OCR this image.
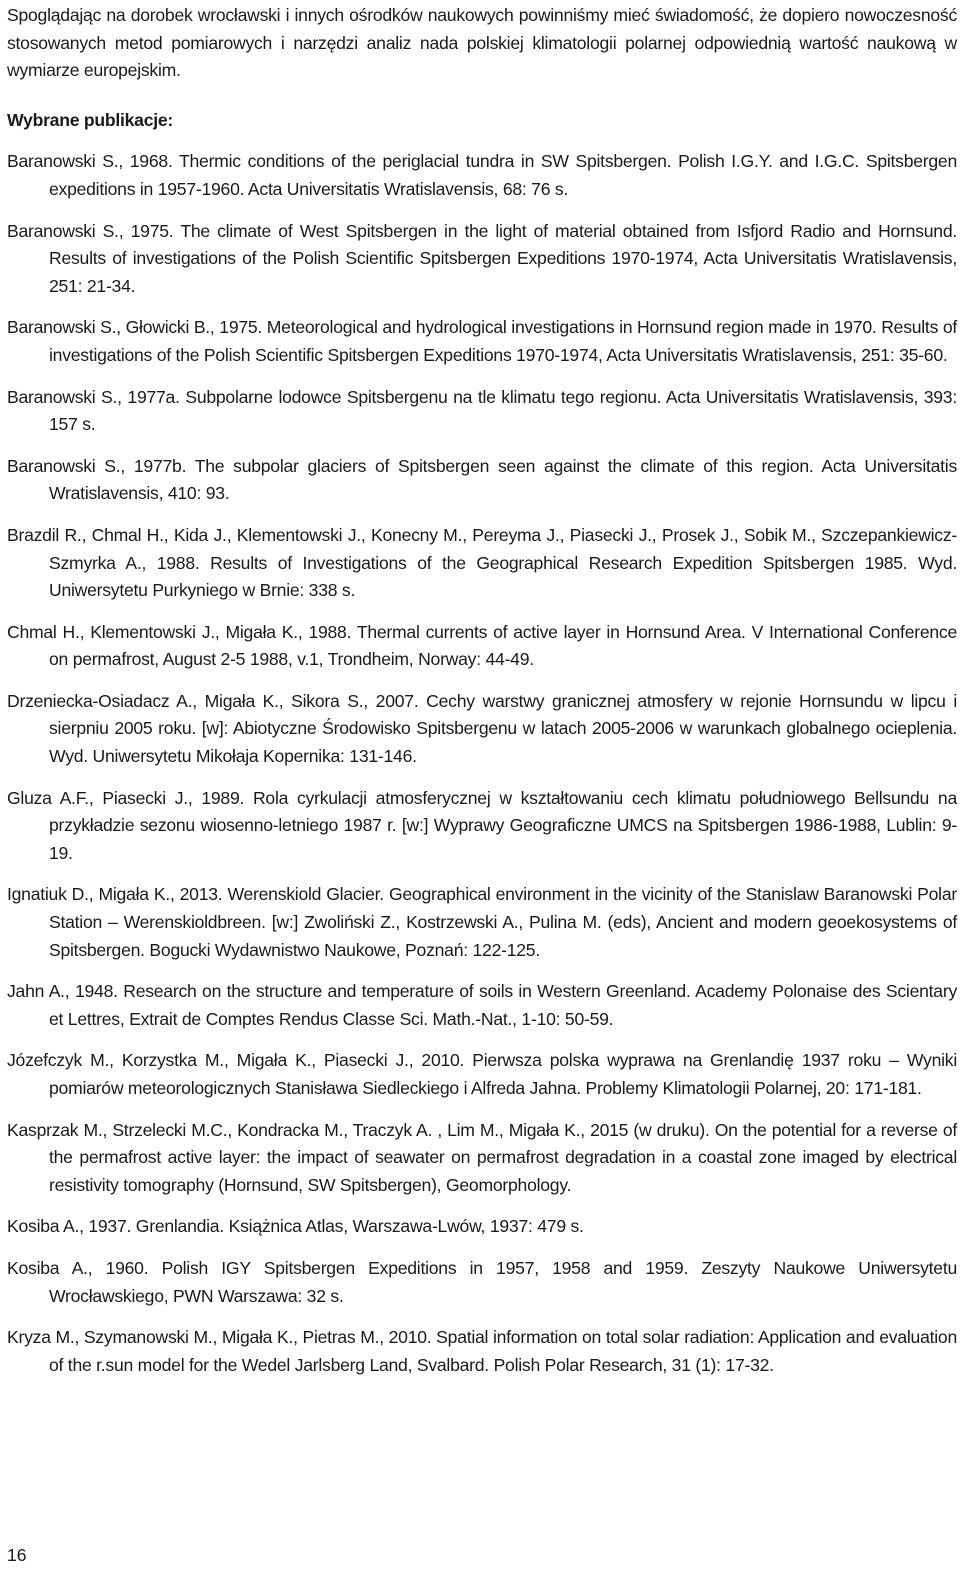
Spoglądając na dorobek wrocławski i innych ośrodków naukowych powinniśmy mieć świadomość, że dopiero nowoczesność stosowanych metod pomiarowych i narzędzi analiz nada polskiej klimatologii polarnej odpowiednią wartość naukową w wymiarze europejskim.

Wybrane publikacje:

Baranowski S., 1968. Thermic conditions of the periglacial tundra in SW Spitsbergen. Polish I.G.Y. and I.G.C. Spitsbergen expeditions in 1957-1960. Acta Universitatis Wratislavensis, 68: 76 s.

Baranowski S., 1975. The climate of West Spitsbergen in the light of material obtained from Isfjord Radio and Hornsund. Results of investigations of the Polish Scientific Spitsbergen Expeditions 1970-1974, Acta Universitatis Wratislavensis, 251: 21-34.

Baranowski S., Głowicki B., 1975. Meteorological and hydrological investigations in Hornsund region made in 1970. Results of investigations of the Polish Scientific Spitsbergen Expeditions 1970-1974, Acta Universitatis Wratislavensis, 251: 35-60.

Baranowski S., 1977a. Subpolarne lodowce Spitsbergenu na tle klimatu tego regionu. Acta Universitatis Wratislavensis, 393: 157 s.

Baranowski S., 1977b. The subpolar glaciers of Spitsbergen seen against the climate of this region. Acta Universitatis Wratislavensis, 410: 93.

Brazdil R., Chmal H., Kida J., Klementowski J., Konecny M., Pereyma J., Piasecki J., Prosek J., Sobik M., Szczepankiewicz-Szmyrka A., 1988. Results of Investigations of the Geographical Research Expedition Spitsbergen 1985. Wyd. Uniwersytetu Purkyniego w Brnie: 338 s.

Chmal H., Klementowski J., Migała K., 1988. Thermal currents of active layer in Hornsund Area. V International Conference on permafrost, August 2-5 1988, v.1, Trondheim, Norway: 44-49.

Drzeniecka-Osiadacz A., Migała K., Sikora S., 2007. Cechy warstwy granicznej atmosfery w rejonie Hornsundu w lipcu i sierpniu 2005 roku. [w]: Abiotyczne Środowisko Spitsbergenu w latach 2005-2006 w warunkach globalnego ocieplenia. Wyd. Uniwersytetu Mikołaja Kopernika: 131-146.

Gluza A.F., Piasecki J., 1989. Rola cyrkulacji atmosferycznej w kształtowaniu cech klimatu południowego Bellsundu na przykładzie sezonu wiosenno-letniego 1987 r. [w:] Wyprawy Geograficzne UMCS na Spitsbergen 1986-1988, Lublin: 9-19.

Ignatiuk D., Migała K., 2013. Werenskiold Glacier. Geographical environment in the vicinity of the Stanislaw Baranowski Polar Station – Werenskioldbreen. [w:] Zwoliński Z., Kostrzewski A., Pulina M. (eds), Ancient and modern geoekosystems of Spitsbergen. Bogucki Wydawnistwo Naukowe, Poznań: 122-125.

Jahn A., 1948. Research on the structure and temperature of soils in Western Greenland. Academy Polonaise des Scientary et Lettres, Extrait de Comptes Rendus Classe Sci. Math.-Nat., 1-10: 50-59.

Józefczyk M., Korzystka M., Migała K., Piasecki J., 2010. Pierwsza polska wyprawa na Grenlandię 1937 roku – Wyniki pomiarów meteorologicznych Stanisława Siedleckiego i Alfreda Jahna. Problemy Klimatologii Polarnej, 20: 171-181.

Kasprzak M., Strzelecki M.C., Kondracka M., Traczyk A. , Lim M., Migała K., 2015 (w druku). On the potential for a reverse of the permafrost active layer: the impact of seawater on permafrost degradation in a coastal zone imaged by electrical resistivity tomography (Hornsund, SW Spitsbergen), Geomorphology.

Kosiba A., 1937. Grenlandia. Książnica Atlas, Warszawa-Lwów, 1937: 479 s.

Kosiba A., 1960. Polish IGY Spitsbergen Expeditions in 1957, 1958 and 1959. Zeszyty Naukowe Uniwersytetu Wrocławskiego, PWN Warszawa: 32 s.

Kryza M., Szymanowski M., Migała K., Pietras M., 2010. Spatial information on total solar radiation: Application and evaluation of the r.sun model for the Wedel Jarlsberg Land, Svalbard. Polish Polar Research, 31 (1): 17-32.

16
